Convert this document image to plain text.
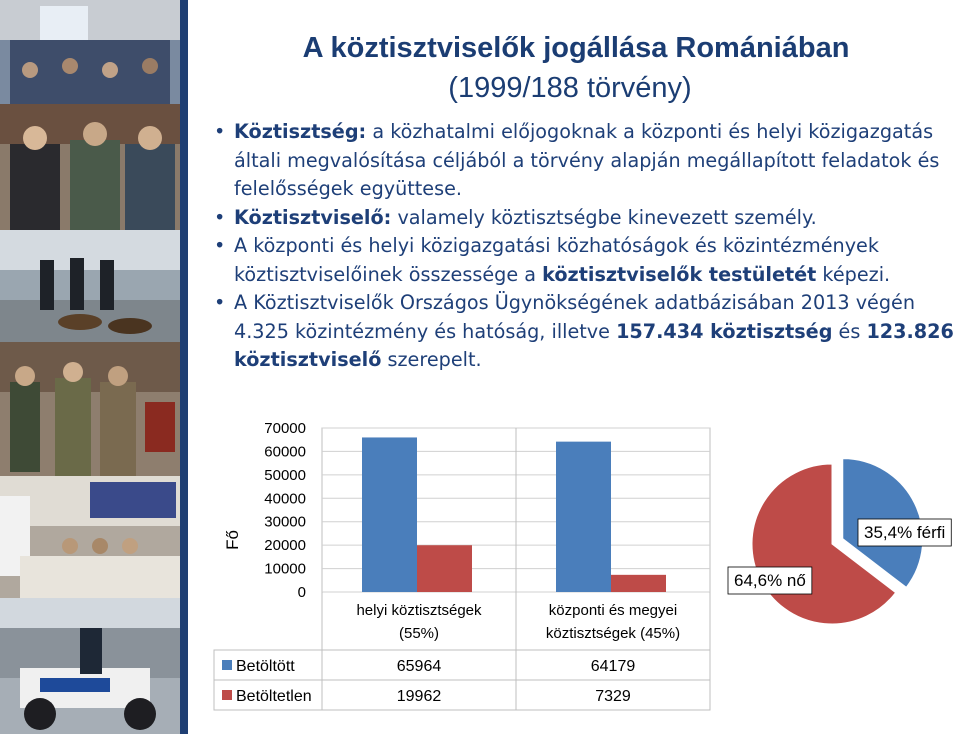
A köztisztviselők jogállása Romániában
(1999/188 törvény)
• Köztisztség: a közhatalmi előjogoknak a központi és helyi közigazgatás általi megvalósítása céljából a törvény alapján megállapított feladatok és felelősségek együttese.
• Köztisztviselő: valamely köztisztségbe kinevezett személy.
• A központi és helyi közigazgatási közhatóságok és közintézmények köztisztviselőinek összessége a köztisztviselők testületét képezi.
• A Köztisztviselők Országos Ügynökségének adatbázisában 2013 végén 4.325 közintézmény és hatóság, illetve 157.434 köztisztség és 123.826 köztisztviselő szerepelt.
70000
60000
50000
40000
30000
20000
10000
0
Fő
helyi köztisztségek
(55%)
központi és megyei
köztisztségek (45%)
Betöltött	65964	64179
Betöltetlen	19962	7329
35,4% férfi
64,6% nő
